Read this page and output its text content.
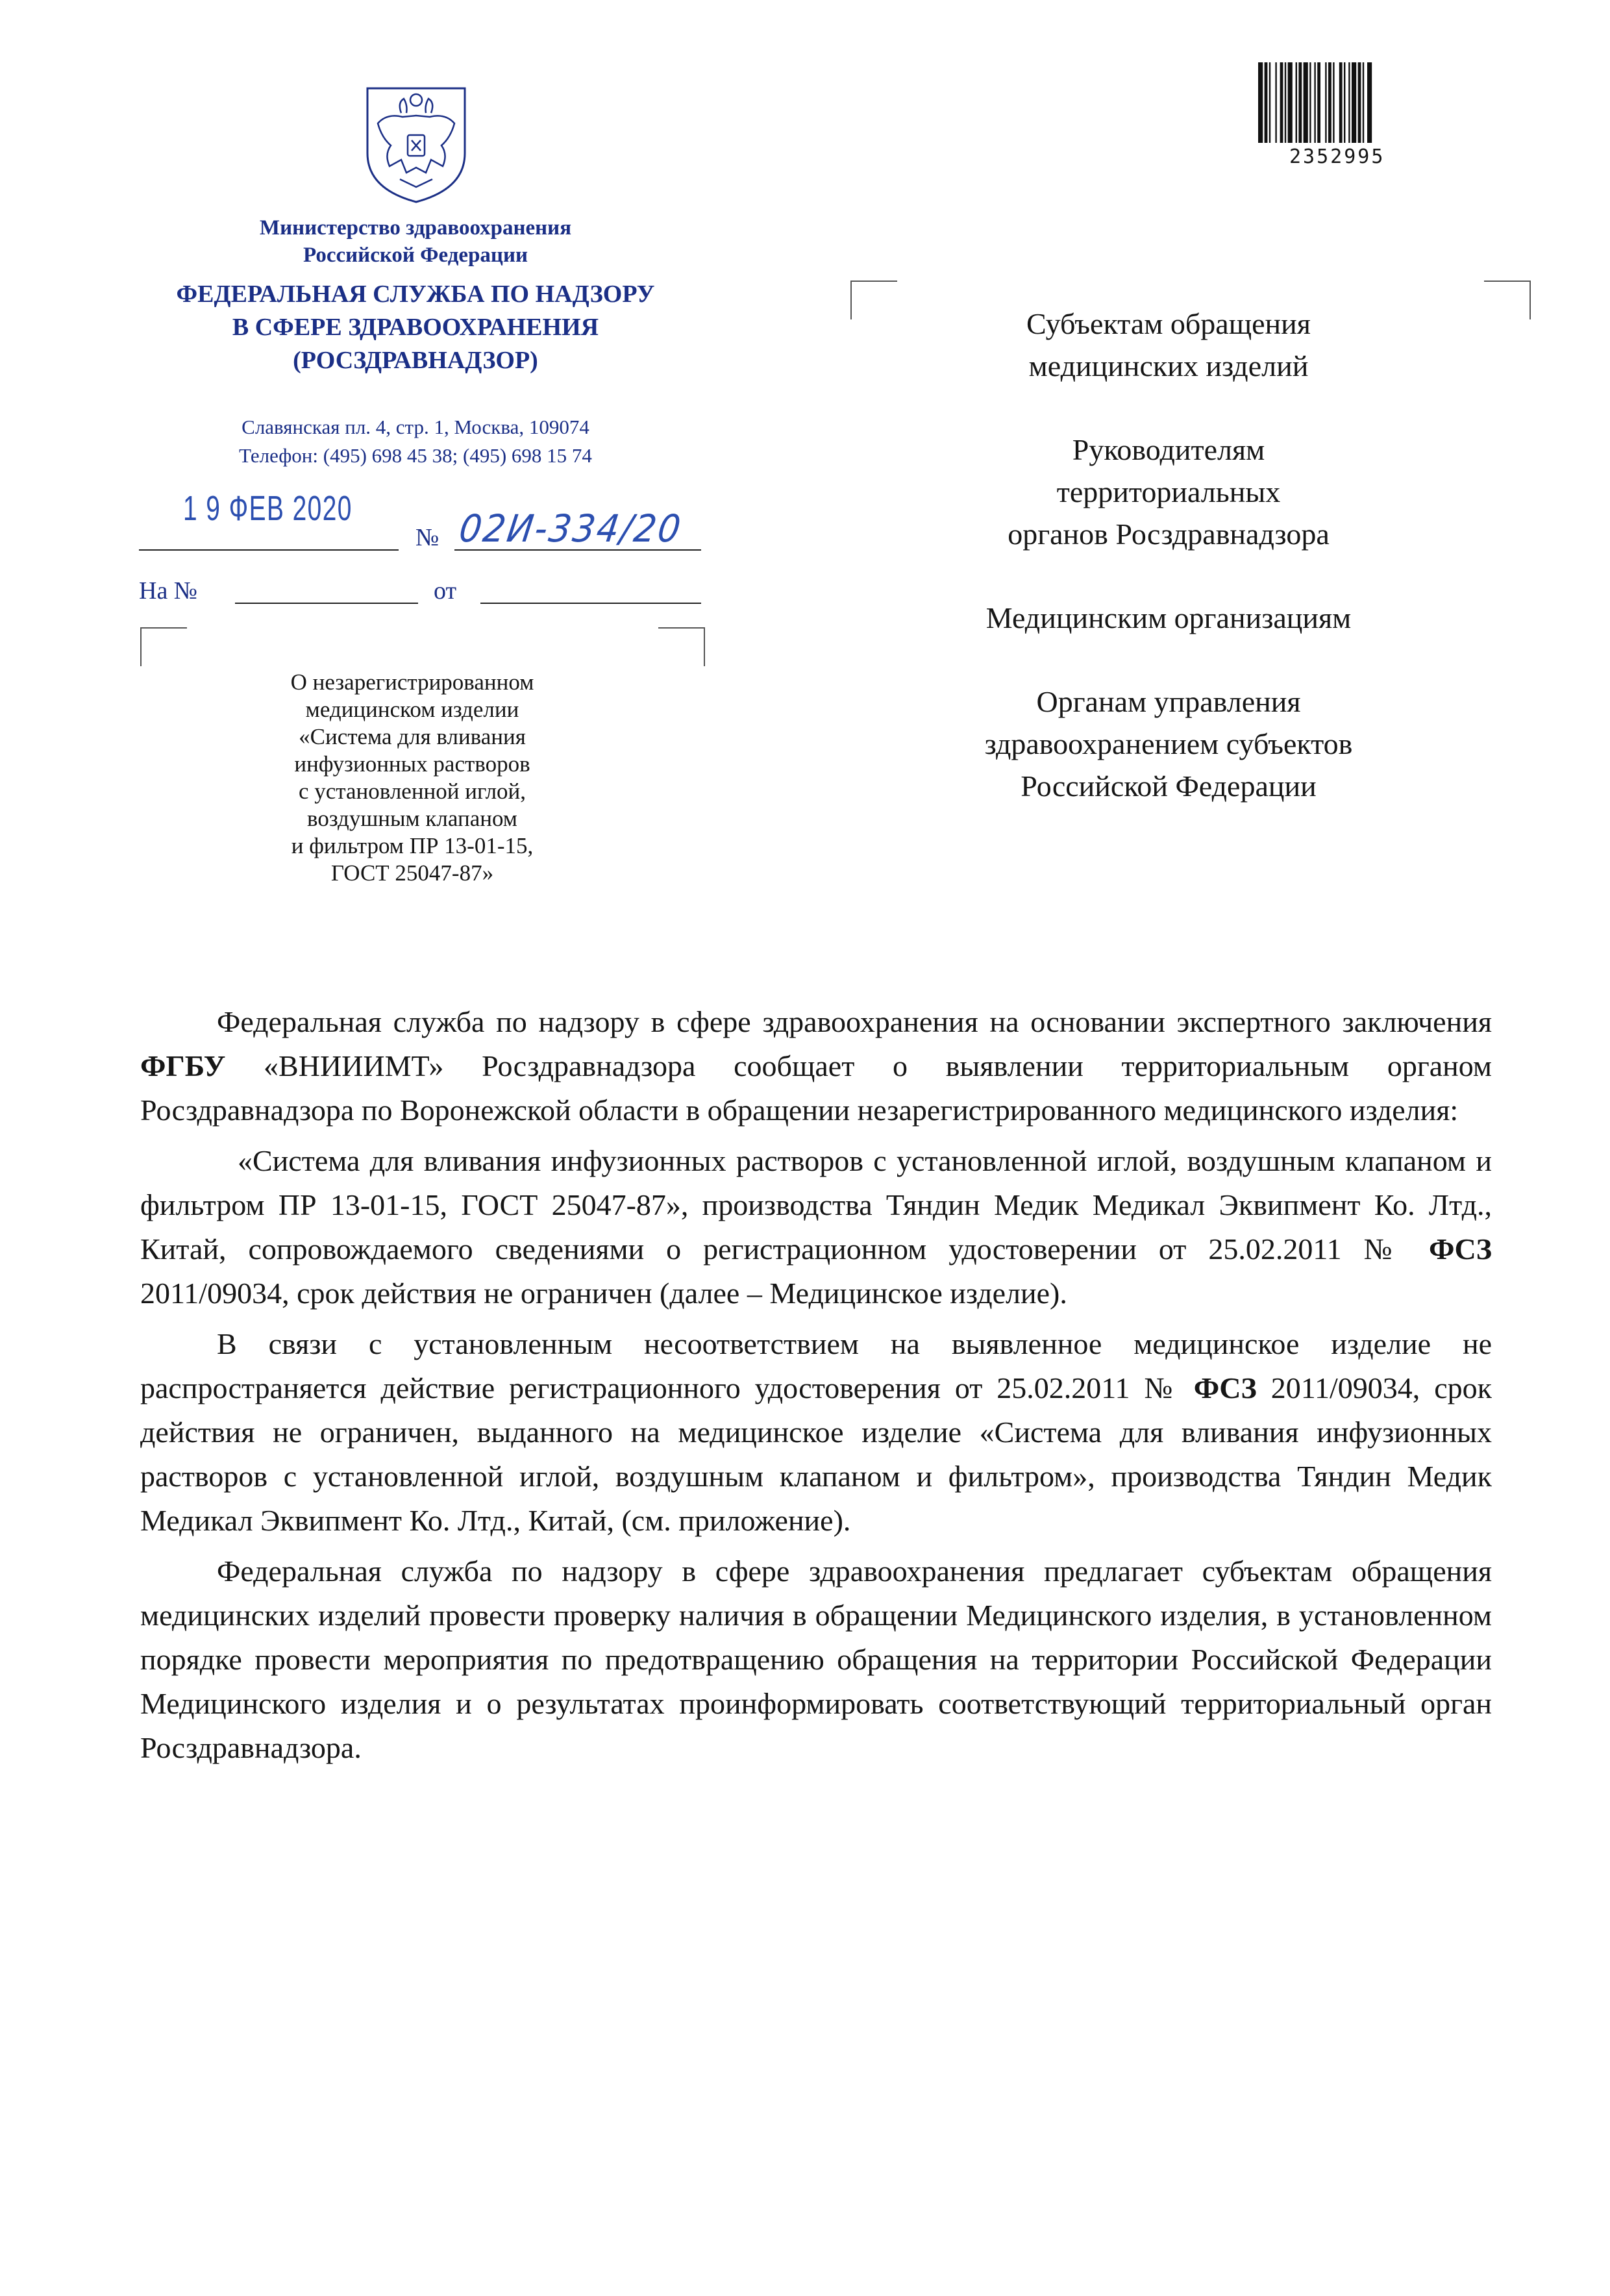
Министерство здравоохранения
Российской Федерации
ФЕДЕРАЛЬНАЯ СЛУЖБА ПО НАДЗОРУ
В СФЕРЕ ЗДРАВООХРАНЕНИЯ
(РОСЗДРАВНАДЗОР)
Славянская пл. 4, стр. 1, Москва, 109074
Телефон: (495) 698 45 38; (495) 698 15 74
1 9 ФЕВ 2020
№ 02И-334/20
На №	от
О незарегистрированном
медицинском изделии
«Система для вливания
инфузионных растворов
с установленной иглой,
воздушным клапаном
и фильтром ПР 13-01-15,
ГОСТ 25047-87»
2352995
Субъектам обращения
медицинских изделий
Руководителям
территориальных
органов Росздравнадзора
Медицинским организациям
Органам управления
здравоохранением субъектов
Российской Федерации

Федеральная служба по надзору в сфере здравоохранения на основании экспертного заключения ФГБУ «ВНИИИМТ» Росздравнадзора сообщает о выявлении территориальным органом Росздравнадзора по Воронежской области в обращении незарегистрированного медицинского изделия:

«Система для вливания инфузионных растворов с установленной иглой, воздушным клапаном и фильтром ПР 13-01-15, ГОСТ 25047-87», производства Тяндин Медик Медикал Эквипмент Ко. Лтд., Китай, сопровождаемого сведениями о регистрационном удостоверении от 25.02.2011 № ФСЗ 2011/09034, срок действия не ограничен (далее – Медицинское изделие).

В связи с установленным несоответствием на выявленное медицинское изделие не распространяется действие регистрационного удостоверения от 25.02.2011 № ФСЗ 2011/09034, срок действия не ограничен, выданного на медицинское изделие «Система для вливания инфузионных растворов с установленной иглой, воздушным клапаном и фильтром», производства Тяндин Медик Медикал Эквипмент Ко. Лтд., Китай, (см. приложение).

Федеральная служба по надзору в сфере здравоохранения предлагает субъектам обращения медицинских изделий провести проверку наличия в обращении Медицинского изделия, в установленном порядке провести мероприятия по предотвращению обращения на территории Российской Федерации Медицинского изделия и о результатах проинформировать соответствующий территориальный орган Росздравнадзора.
